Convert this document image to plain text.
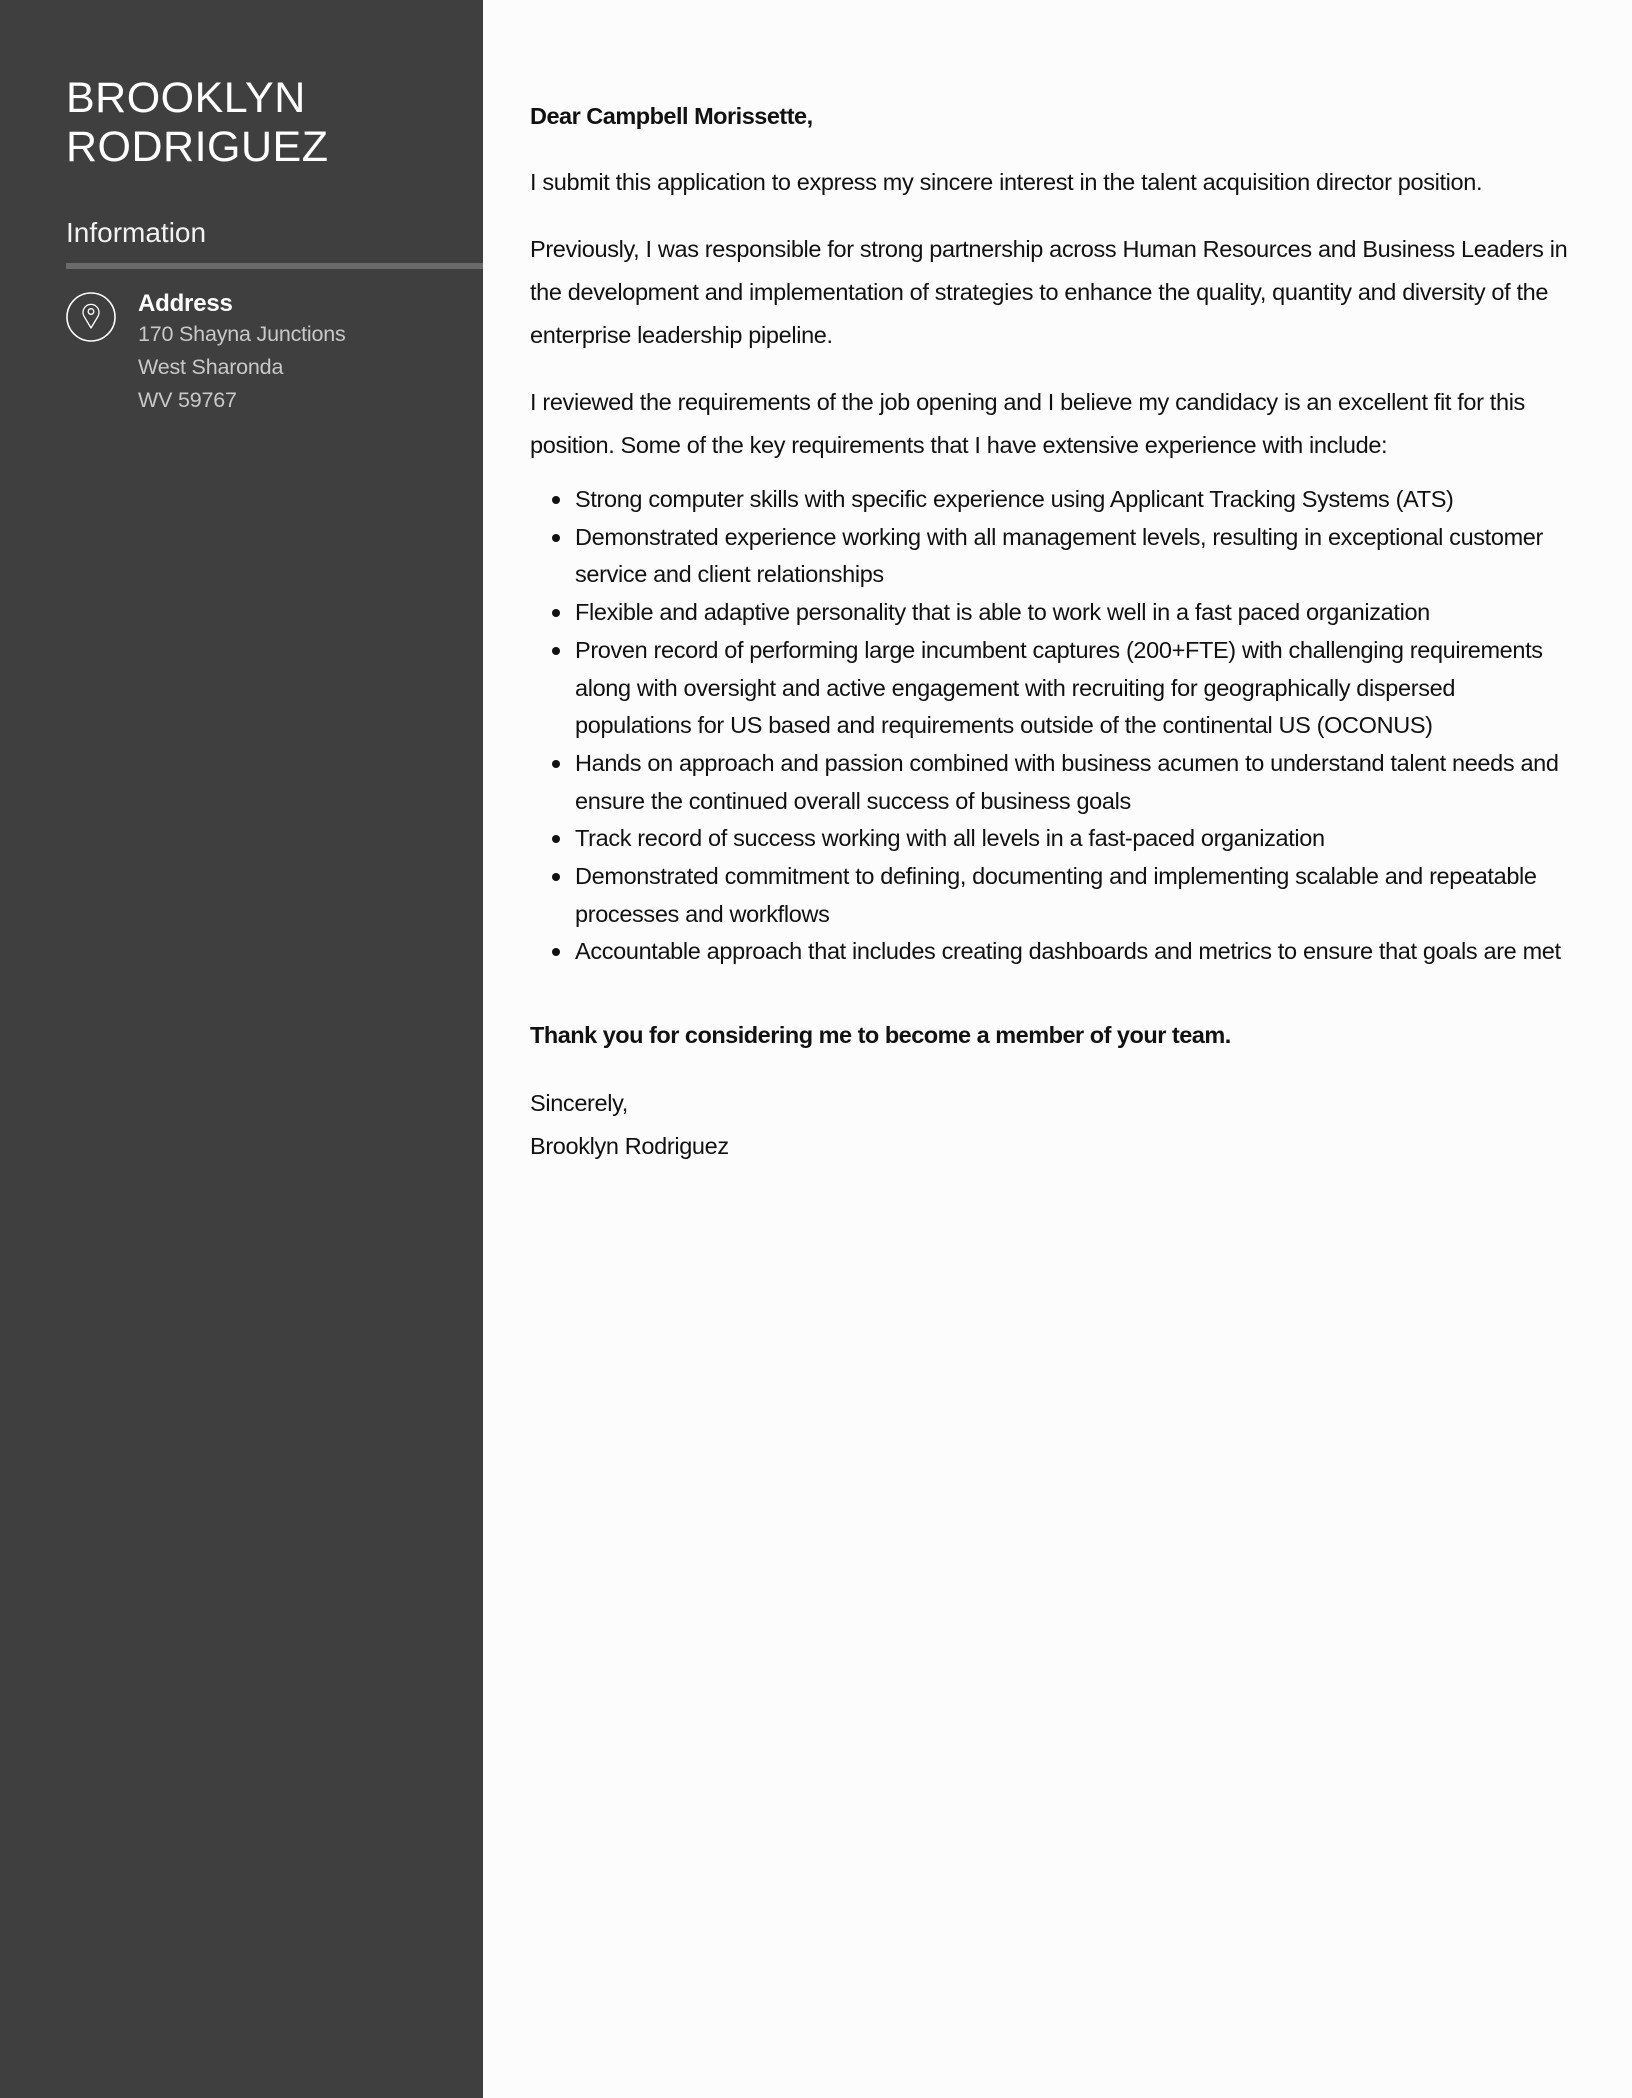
BROOKLYN
RODRIGUEZ
Information
Address
170 Shayna Junctions
West Sharonda
WV 59767

Dear Campbell Morissette,

I submit this application to express my sincere interest in the talent acquisition director position.

Previously, I was responsible for strong partnership across Human Resources and Business Leaders in the development and implementation of strategies to enhance the quality, quantity and diversity of the enterprise leadership pipeline.

I reviewed the requirements of the job opening and I believe my candidacy is an excellent fit for this position. Some of the key requirements that I have extensive experience with include:

Strong computer skills with specific experience using Applicant Tracking Systems (ATS)
Demonstrated experience working with all management levels, resulting in exceptional customer service and client relationships
Flexible and adaptive personality that is able to work well in a fast paced organization
Proven record of performing large incumbent captures (200+FTE) with challenging requirements along with oversight and active engagement with recruiting for geographically dispersed populations for US based and requirements outside of the continental US (OCONUS)
Hands on approach and passion combined with business acumen to understand talent needs and ensure the continued overall success of business goals
Track record of success working with all levels in a fast-paced organization
Demonstrated commitment to defining, documenting and implementing scalable and repeatable processes and workflows
Accountable approach that includes creating dashboards and metrics to ensure that goals are met

Thank you for considering me to become a member of your team.

Sincerely,

Brooklyn Rodriguez
